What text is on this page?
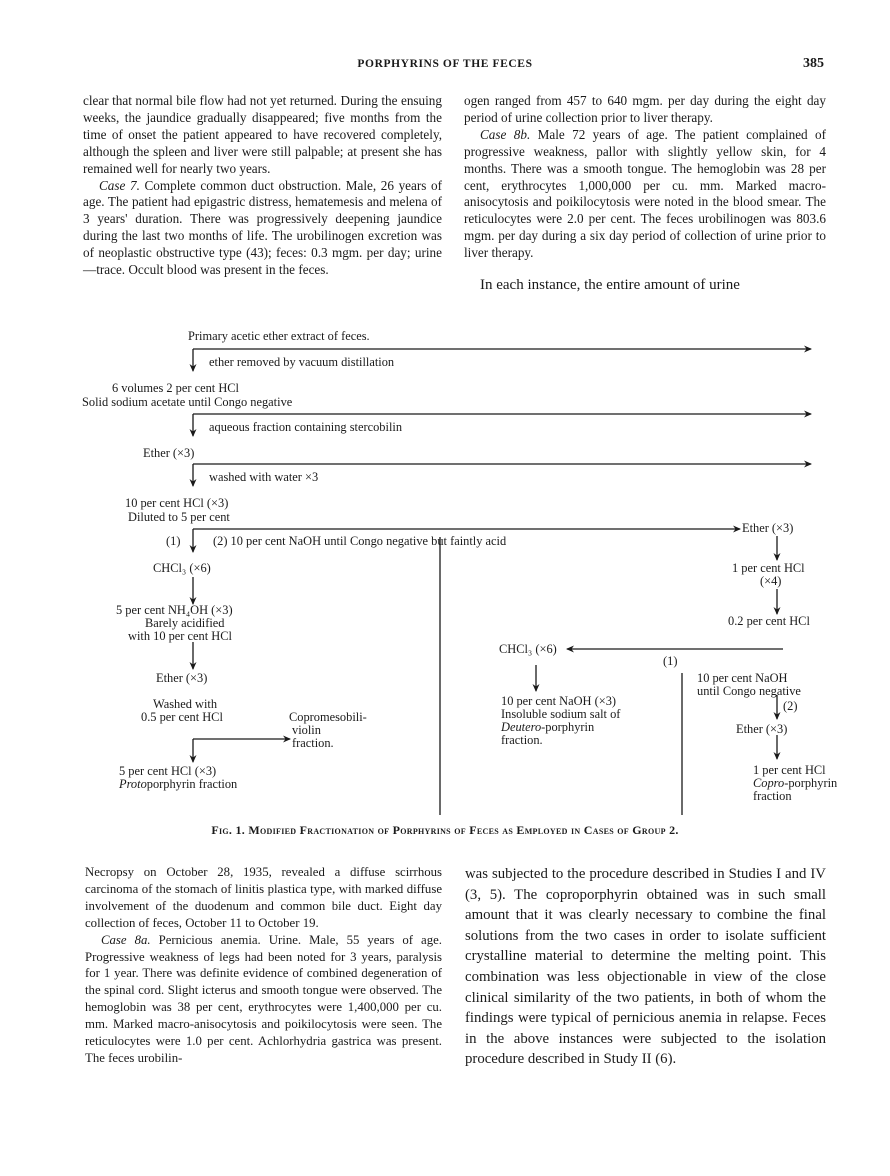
PORPHYRINS OF THE FECES	385

clear that normal bile flow had not yet returned. During the ensuing weeks, the jaundice gradually disappeared; five months from the time of onset the patient appeared to have recovered completely, although the spleen and liver were still palpable; at present she has remained well for nearly two years.

Case 7. Complete common duct obstruction. Male, 26 years of age. The patient had epigastric distress, hematemesis and melena of 3 years' duration. There was progressively deepening jaundice during the last two months of life. The urobilinogen excretion was of neoplastic obstructive type (43); feces: 0.3 mgm. per day; urine—trace. Occult blood was present in the feces.

ogen ranged from 457 to 640 mgm. per day during the eight day period of urine collection prior to liver therapy.

Case 8b. Male 72 years of age. The patient complained of progressive weakness, pallor with slightly yellow skin, for 4 months. There was a smooth tongue. The hemoglobin was 28 per cent, erythrocytes 1,000,000 per cu. mm. Marked macro-anisocytosis and poikilocytosis were noted in the blood smear. The reticulocytes were 2.0 per cent. The feces urobilinogen was 803.6 mgm. per day during a six day period of collection of urine prior to liver therapy.

In each instance, the entire amount of urine

Primary acetic ether extract of feces.
ether removed by vacuum distillation
6 volumes 2 per cent HCl
Solid sodium acetate until Congo negative
aqueous fraction containing stercobilin
Ether (×3)
washed with water ×3
10 per cent HCl (×3)
Diluted to 5 per cent
(1)	(2) 10 per cent NaOH until Congo negative but faintly acid
Ether (×3)
CHCl₃ (×6)	1 per cent HCl
(×4)
5 per cent NH₄OH (×3)
Barely acidified
with 10 per cent HCl
0.2 per cent HCl
CHCl₃ (×6)
(1)
Ether (×3)	10 per cent NaOH
until Congo negative
(2)
Washed with
0.5 per cent HCl	Copromesobili-
violin
fraction.
10 per cent NaOH (×3)
Insoluble sodium salt of
Deutero-porphyrin
fraction.
Ether (×3)
5 per cent HCl (×3)
Protoporphyrin fraction
1 per cent HCl
Copro-porphyrin
fraction
Fig. 1. Modified Fractionation of Porphyrins of Feces as Employed in Cases of Group 2.

Necropsy on October 28, 1935, revealed a diffuse scirrhous carcinoma of the stomach of linitis plastica type, with marked diffuse involvement of the duodenum and common bile duct. Eight day collection of feces, October 11 to October 19.

Case 8a. Pernicious anemia. Urine. Male, 55 years of age. Progressive weakness of legs had been noted for 3 years, paralysis for 1 year. There was definite evidence of combined degeneration of the spinal cord. Slight icterus and smooth tongue were observed. The hemoglobin was 38 per cent, erythrocytes were 1,400,000 per cu. mm. Marked macro-anisocytosis and poikilocytosis were seen. The reticulocytes were 1.0 per cent. Achlorhydria gastrica was present. The feces urobilin-

was subjected to the procedure described in Studies I and IV (3, 5). The coproporphyrin obtained was in such small amount that it was clearly necessary to combine the final solutions from the two cases in order to isolate sufficient crystalline material to determine the melting point. This combination was less objectionable in view of the close clinical similarity of the two patients, in both of whom the findings were typical of pernicious anemia in relapse. Feces in the above instances were subjected to the isolation procedure described in Study II (6).
